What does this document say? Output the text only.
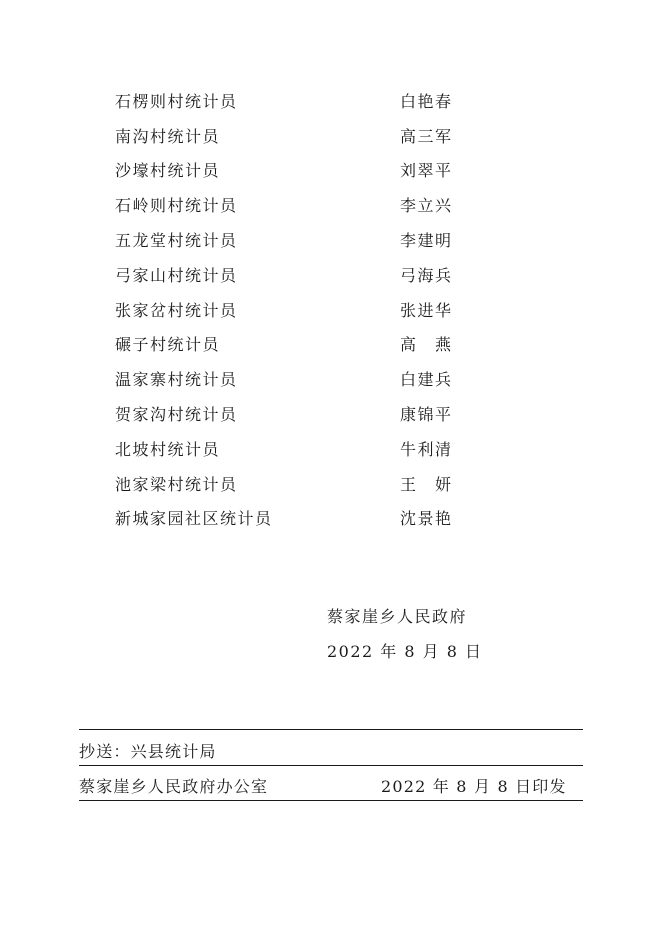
石楞则村统计员	白艳春
南沟村统计员	高三军
沙壕村统计员	刘翠平
石岭则村统计员	李立兴
五龙堂村统计员	李建明
弓家山村统计员	弓海兵
张家岔村统计员	张进华
碾子村统计员	高　燕
温家寨村统计员	白建兵
贺家沟村统计员	康锦平
北坡村统计员	牛利清
池家梁村统计员	王　妍
新城家园社区统计员	沈景艳
蔡家崖乡人民政府
2022 年 8 月 8 日
抄送：兴县统计局
蔡家崖乡人民政府办公室	2022 年 8 月 8 日印发
